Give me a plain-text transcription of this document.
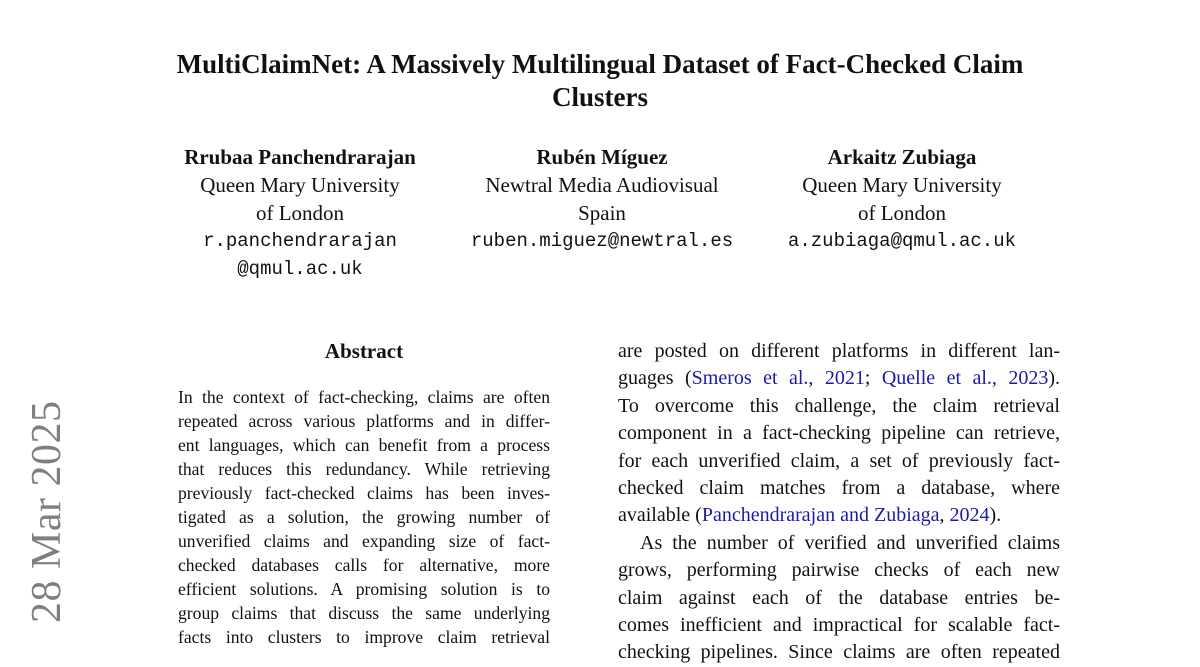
28 Mar 2025
MultiClaimNet: A Massively Multilingual Dataset of Fact-Checked Claim
Clusters
Rrubaa Panchendrarajan
Queen Mary University
of London
r.panchendrarajan
@qmul.ac.uk
Rubén Míguez
Newtral Media Audiovisual
Spain
ruben.miguez@newtral.es
Arkaitz Zubiaga
Queen Mary University
of London
a.zubiaga@qmul.ac.uk
Abstract
In the context of fact-checking, claims are often
repeated across various platforms and in differ-
ent languages, which can benefit from a process
that reduces this redundancy. While retrieving
previously fact-checked claims has been inves-
tigated as a solution, the growing number of
unverified claims and expanding size of fact-
checked databases calls for alternative, more
efficient solutions. A promising solution is to
group claims that discuss the same underlying
facts into clusters to improve claim retrieval
are posted on different platforms in different lan-
guages (Smeros et al., 2021; Quelle et al., 2023).
To overcome this challenge, the claim retrieval
component in a fact-checking pipeline can retrieve,
for each unverified claim, a set of previously fact-
checked claim matches from a database, where
available (Panchendrarajan and Zubiaga, 2024).
As the number of verified and unverified claims
grows, performing pairwise checks of each new
claim against each of the database entries be-
comes inefficient and impractical for scalable fact-
checking pipelines. Since claims are often repeated
